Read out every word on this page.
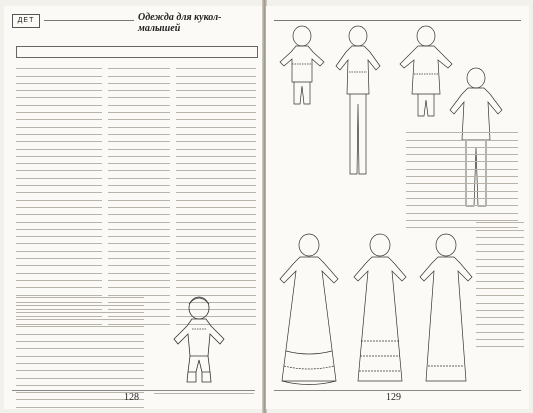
ДЕТ	Одежда для кукол-малышей
128	129
